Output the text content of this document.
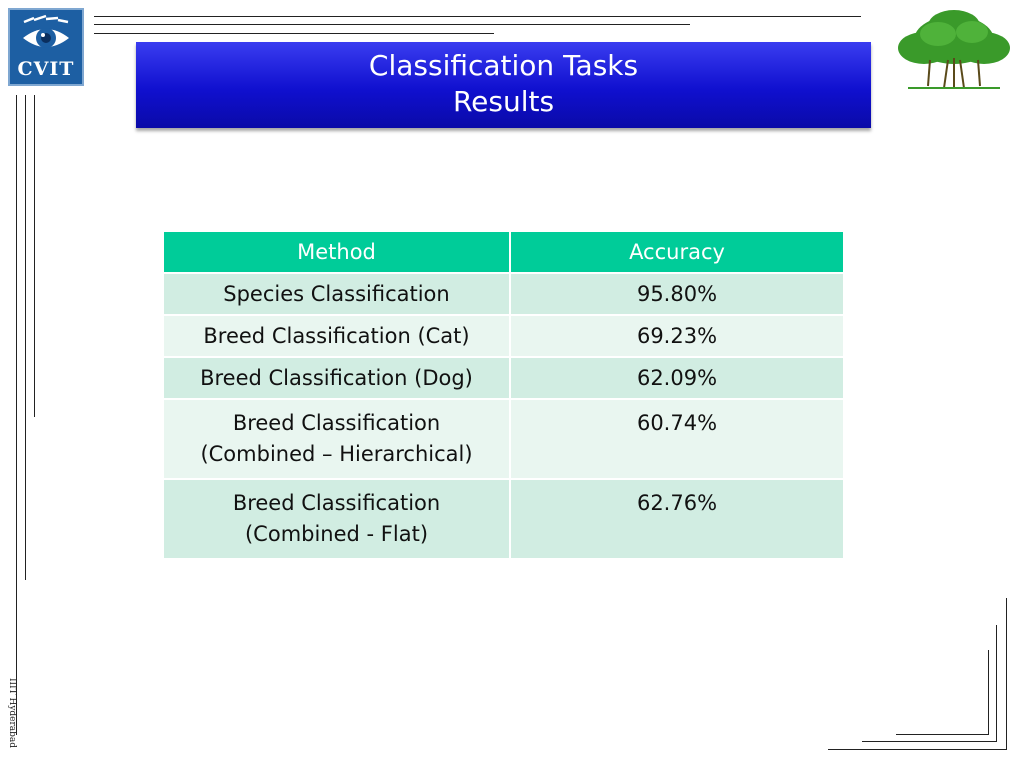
CVIT	Classification Tasks
Results
Method	Accuracy
Species Classification	95.80%
Breed Classification (Cat)	69.23%
Breed Classification (Dog)	62.09%
Breed Classification
(Combined – Hierarchical)	60.74%
Breed Classification
(Combined - Flat)	62.76%
IIIT Hyderabad
